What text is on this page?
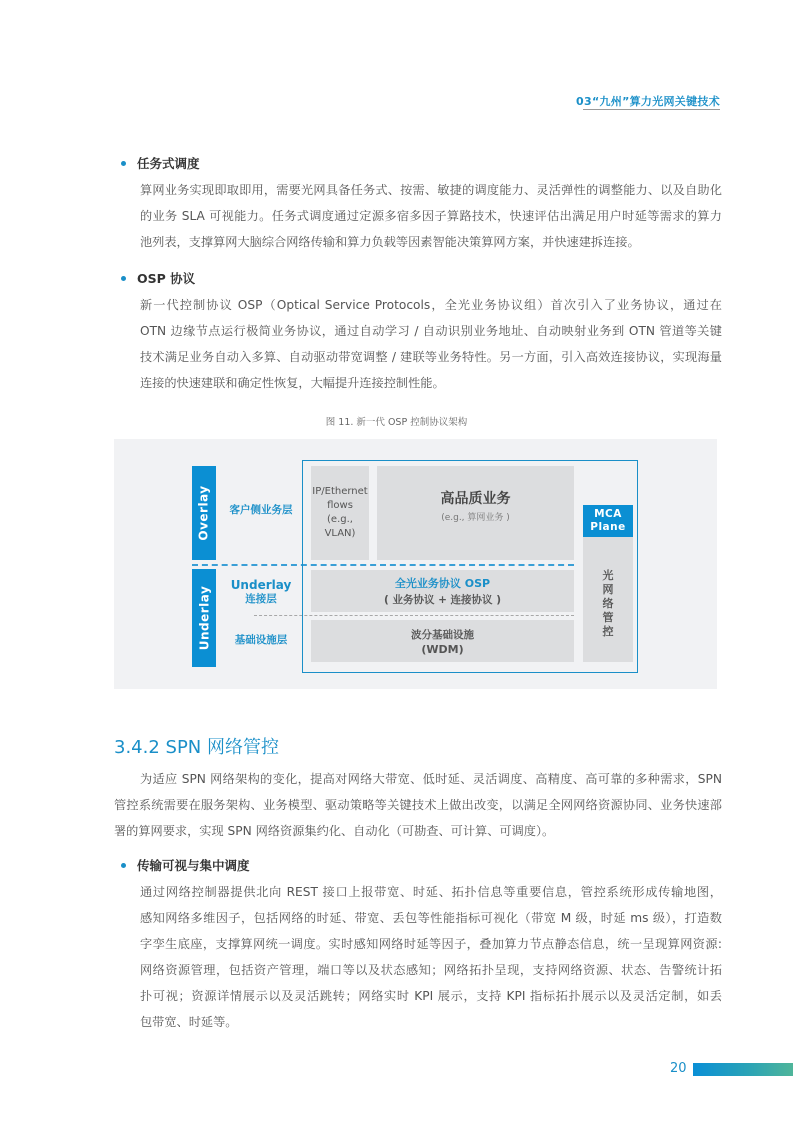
03“九州”算力光网关键技术
任务式调度
算网业务实现即取即用，需要光网具备任务式、按需、敏捷的调度能力、灵活弹性的调整能力、以及自助化
的业务 SLA 可视能力。任务式调度通过定源多宿多因子算路技术，快速评估出满足用户时延等需求的算力
池列表，支撑算网大脑综合网络传输和算力负载等因素智能决策算网方案，并快速建拆连接。
OSP 协议
新一代控制协议 OSP（Optical Service Protocols，全光业务协议组）首次引入了业务协议，通过在
OTN 边缘节点运行极简业务协议，通过自动学习 / 自动识别业务地址、自动映射业务到 OTN 管道等关键
技术满足业务自动入多算、自动驱动带宽调整 / 建联等业务特性。另一方面，引入高效连接协议，实现海量
连接的快速建联和确定性恢复，大幅提升连接控制性能。
图 11. 新一代 OSP 控制协议架构
Overlay
Underlay
客户侧业务层
Underlay
连接层
基础设施层
IP/Ethernet
flows
(e.g.,
VLAN)
高品质业务
(e.g., 算网业务 )
全光业务协议 OSP
( 业务协议 + 连接协议 )
波分基础设施
(WDM)
MCA
Plane
光
网
络
管
控
3.4.2 SPN 网络管控
为适应 SPN 网络架构的变化，提高对网络大带宽、低时延、灵活调度、高精度、高可靠的多种需求，SPN
管控系统需要在服务架构、业务模型、驱动策略等关键技术上做出改变，以满足全网网络资源协同、业务快速部
署的算网要求，实现 SPN 网络资源集约化、自动化（可勘查、可计算、可调度）。
传输可视与集中调度
通过网络控制器提供北向 REST 接口上报带宽、时延、拓扑信息等重要信息，管控系统形成传输地图，
感知网络多维因子，包括网络的时延、带宽、丢包等性能指标可视化（带宽 M 级，时延 ms 级），打造数
字孪生底座，支撑算网统一调度。实时感知网络时延等因子，叠加算力节点静态信息，统一呈现算网资源:
网络资源管理，包括资产管理，端口等以及状态感知；网络拓扑呈现，支持网络资源、状态、告警统计拓
扑可视；资源详情展示以及灵活跳转；网络实时 KPI 展示，支持 KPI 指标拓扑展示以及灵活定制，如丢
包带宽、时延等。
20
